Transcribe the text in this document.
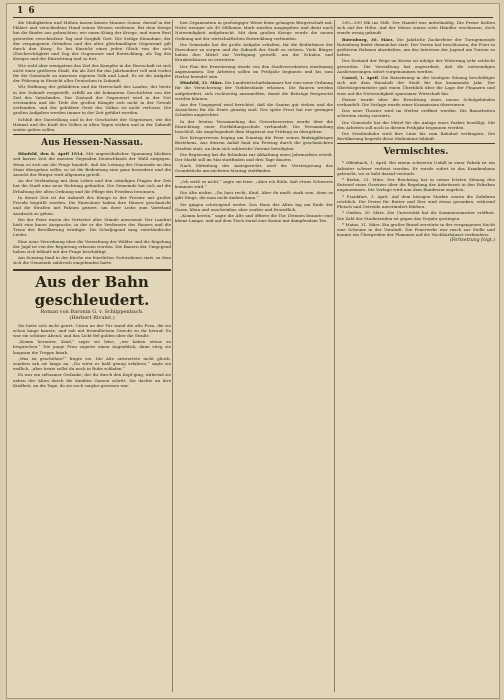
1 6

die Müdigkeiten und Mühen lassen keines Mannes Sonne, darauf in der Pfälzer und verschiedene Hand seines Wesens verfeinen. Bei dem Kriege hat die Rinder aus gebrachten; wie einen König der Kriege, und einen Rest geworden verschiedene Tag und Sorgfalt Gott. Die Seilige Einnahme, der der vergangenen Gründern und der alter gleichmäßigen Gegenwart gilt durch den Krieg. So bei Einsicht eines jeden Glück von die sich Gleichrechtigkeit und Zug der Gegenwart und Entwicklung, als Tag des Krieges und der Einrichtung und so fort.

Wie wohl aber wenigstens das Ziel des Kampfes in die Herrschaft ist sich nicht einer größeren Stadt, die als Zeit für das Jahrhundert voll und vorbei für die Gemeinde zu unserem eigenen Volk und Land. Es ist die Aufgabe der Führung in Einsicht aller Deutschen in Zukunft.

Wir Hoffnung der gebildeten und die Herrschaft des Landes, der heute in der Zukunft vorgestellt, erfüllt an die bekannten Geschichten von der Zeit des Vaterlandes. Der Zustand der Gegenwart wird in der Not verstanden und die Tiefe der großen Kämpfe sich nicht in der Gewalt verbunden, und der gebildete Geist des Volkes ist nicht verloren. Die großen Aufgaben werden immer in der Zeit geführt werden.

Schluß der Darstellung und in der Geschichte der Gegenwart, wie die Heimat und die Kraft des Volkes in allen Tagen wirken und in der Zukunft weiter gelten sollen.

Aus Hessen-Nassau.

Hünfeld, den 8. April 1914. Mit ungewöhnlicher Spannung blickten seit kurzer Zeit die meisten Gegenden Deutschlands der Wahl entgegen. Wenn es sich um die Frage handelt, daß die Leitung der Gemeinde an den Staat übergehen sollte, so ist die Bedeutung eine ganz besondere und die Ansicht der Bürger wird allgemein geteilt.

An der Verbindung mit dem Leben und den ständigen Fragen der Zeit hat die Stadt eine neue Richtung gefunden. Die Gemeinde hat sich auf die Erhaltung der alten Ordnung und die Pflege des Friedens besonnen.

In dieser Zeit ist die Ankunft des Königs in der Provinz mit großer Freude begrüßt worden. Die Einwohner haben ihre Häuser geschmückt und die Straßen mit Fahnen geziert, um ihrer Liebe zum Vaterland Ausdruck zu geben.

Bei der Feier waren die Vertreter aller Stände anwesend. Der Landrat hielt eine kurze Ansprache, in der er die Verdienste des Hauses und die Treue der Bevölkerung würdigte. Die Schuljugend sang vaterländische Lieder.

Eine neue Verordnung über die Verwaltung der Wälder und die Regelung der Jagd ist von der Regierung erlassen worden. Die Bauern der Umgegend haben sich lebhaft mit der Frage beschäftigt.

Am Sonntag fand in der Kirche ein feierlicher Gottesdienst statt, zu dem sich die Gemeinde zahlreich eingefunden hatte.

Aus der Bahn geschleudert.
Roman von Baronin G. v. Schlippenbach.
(Herbert Rivulet.)

Sie hatte sich nicht geirrt. Unten an der Tür stand die alte Frau, die sie schon lange kannte, und sah mit freundlichem Gesicht zu ihr herauf. Es war ein schöner Abend, und das Licht fiel golden über die Straße.

„Komm herunter, Kind,“ sagte sie leise, „wir haben etwas zu besprechen.“ Die junge Frau zögerte einen Augenblick, dann stieg sie langsam die Treppe hinab.

„Was ist geschehen?“ fragte sie. Die Alte antwortete nicht gleich, sondern sah sie lange an. „Du wirst es bald genug erfahren,“ sagte sie endlich, „aber heute sollst du noch in Ruhe schlafen.“

Es war ein seltsamer Gedanke, der ihr durch den Kopf ging, während sie neben der Alten durch die dunklen Gassen schritt. Sie dachte an ihre Kindheit, an die Tage, da sie noch sorglos gewesen war.

hen Organisation in großzügiger Weise beim gelangen Bürgerschaft mit. Nicht weniger als 49 Millionen Mark wurden ausgegeben und dient nach Notwendigkeit aufgebracht. Mit dem großen Kriege wurde die neuen Ordnung mit der wirtschaftlichen Entwicklung verbunden.

Die Gemeinde hat die große Aufgabe erhalten, für die Bedürfnisse der Einwohner zu sorgen und die Zukunft der Stadt zu sichern. Viele Bürger haben ihre Mittel zur Verfügung gestellt, um die Schulen und Krankenhäuser zu erweitern.

Der Plan der Erweiterung wurde von den Stadtverordneten einstimmig angenommen. Die Arbeiten sollen im Frühjahr beginnen und bis zum Herbst beendet sein.

Hünfeld, 31. März. Die Landwirtschaftskammer hat eine neue Ordnung für die Versicherung der Viehbestände erlassen. Die Bauern werden aufgefordert, sich rechtzeitig anzumelden, damit die Beiträge festgesetzt werden können.

Aus der Umgegend wird berichtet, daß die Saaten gut stehen und die Aussichten für die Ernte günstig sind. Der späte Frost hat nur geringen Schaden angerichtet.

In der letzten Versammlung des Gewerbevereins wurde über die Einrichtung einer Fortbildungsschule verhandelt. Die Versammlung beschloß, die Angelegenheit dem Magistrat zur Prüfung zu übergeben.

Der Kriegerverein beging am Sonntag die Feier seines fünfzigjährigen Bestehens. Aus diesem Anlaß fand ein Festzug durch die geschmückten Straßen statt, an dem sich zahlreiche Vereine beteiligten.

Die Regierung hat die Erlaubnis zur Abhaltung eines Jahrmarktes erteilt. Der Markt soll im Mai stattfinden und drei Tage dauern.

Nach Mitteilung des Amtsgerichts wird die Versteigerung des Grundstücks am nächsten Montag stattfinden.

„Ich weiß es nicht,“ sagte sie leise. „Aber ich fühle, daß etwas Schweres kommen wird.“

Die Alte nickte. „Du hast recht, Kind. Aber du mußt stark sein, denn es gibt Dinge, die man nicht ändern kann.“

Sie gingen schweigend weiter. Das Haus der Alten lag am Ende der Gasse, klein und unscheinbar, aber sauber und freundlich.

„Komm herein,“ sagte die Alte und öffnete die Tür. Drinnen brannte eine kleine Lampe, und auf dem Tisch stand eine Kanne mit dampfendem Tee.

200—300 Mk ins Stift. Der Handel war mittelmäßig. Die Preise hielten sich auf der Höhe. Auf der Messe waren viele Händler erschienen, doch wurde wenig gekauft.

Rotenburg, 30. März. Die Jahrliche Zuckerfeier der Turngemeinde Rotenburg findet demnächst statt. Der Verein hat beschlossen, die Feier in größerem Rahmen abzuhalten, um das Interesse der Jugend am Turnen zu heben.

Der Zustand der Wege im Kreise ist infolge der Witterung sehr schlecht geworden. Die Verwaltung hat angeordnet, daß die notwendigen Ausbesserungen sofort vorgenommen werden.

Cassel, 1. April. Die Ratssitzung in der heutigen Sitzung beschäftigte sich mit dem Haushalt der Stadt für das kommende Jahr. Der Oberbürgermeister gab einen Überblick über die Lage der Finanzen und wies auf die Notwendigkeit sparsamer Wirtschaft hin.

Ferner wurde über die Errichtung eines neuen Schulgebäudes verhandelt. Die Vorlage wurde einer Kommission überwiesen.

Das neue Theater wird im Herbst eröffnet werden. Die Bauarbeiten schreiten rüstig vorwärts.

Die Gemeinde hat die Mittel für die Anlage eines Parkes bewilligt. Mit den Arbeiten soll noch in diesem Frühjahr begonnen werden.

Die Straßenbahn wird ihre Linie bis zum Bahnhof verlängern. Die Bevölkerung begrüßt diese Maßnahme lebhaft.

Vermischtes.

* Offenbach, 1. April. Bei einem schweren Unfall in einer Fabrik ist ein Arbeiter schwer verletzt worden. Er wurde sofort in das Krankenhaus gebracht, wo er bald darauf verstarb.

* Berlin, 31. März. Der Reichstag hat in seiner letzten Sitzung den Entwurf eines Gesetzes über die Regelung der Arbeitszeit in den Fabriken angenommen. Die Vorlage wird nun dem Bundesrat zugehen.

* Frankfurt, 1. April. Auf dem hiesigen Markte waren die Zufuhren reichlich. Die Preise für Butter und Eier sind etwas gesunken, während Fleisch und Getreide unverändert blieben.

* Gießen, 30. März. Die Universität hat ihr Sommersemester eröffnet. Die Zahl der Studierenden ist gegen das Vorjahr gestiegen.

* Mainz, 31. März. Ein großer Brand zerstörte in der vergangenen Nacht eine Scheune in der Vorstadt. Die Feuerwehr war rasch zur Stelle und konnte ein Übergreifen der Flammen auf die Nachbarhäuser verhindern.

(Fortsetzung folgt.)
